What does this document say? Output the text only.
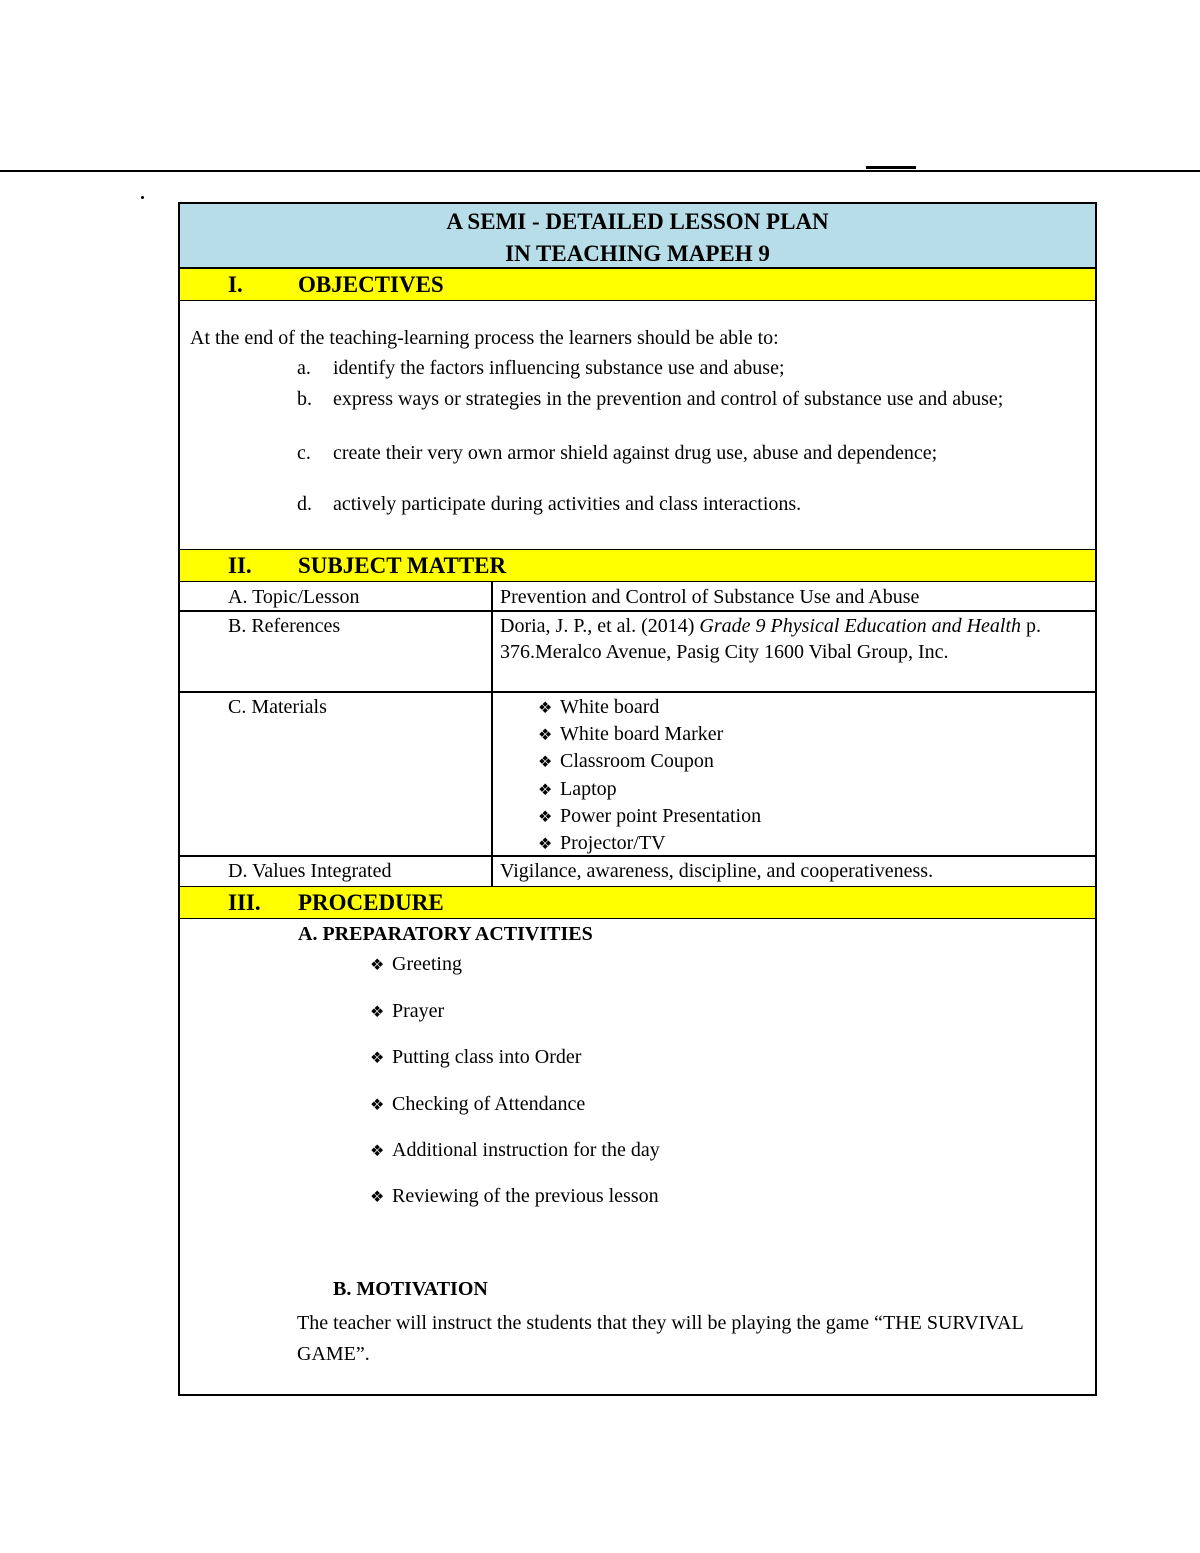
A SEMI - DETAILED LESSON PLAN
IN TEACHING MAPEH 9
I. OBJECTIVES
At the end of the teaching-learning process the learners should be able to:
a. identify the factors influencing substance use and abuse;
b. express ways or strategies in the prevention and control of substance use and abuse;
c. create their very own armor shield against drug use, abuse and dependence;
d. actively participate during activities and class interactions.
II. SUBJECT MATTER
A. Topic/Lesson	Prevention and Control of Substance Use and Abuse
B. References	Doria, J. P., et al. (2014) Grade 9 Physical Education and Health p. 376.Meralco Avenue, Pasig City 1600 Vibal Group, Inc.
C. Materials	❖ White board
❖ White board Marker
❖ Classroom Coupon
❖ Laptop
❖ Power point Presentation
❖ Projector/TV
D. Values Integrated	Vigilance, awareness, discipline, and cooperativeness.
III. PROCEDURE
A. PREPARATORY ACTIVITIES
❖ Greeting
❖ Prayer
❖ Putting class into Order
❖ Checking of Attendance
❖ Additional instruction for the day
❖ Reviewing of the previous lesson
B. MOTIVATION
The teacher will instruct the students that they will be playing the game “THE SURVIVAL GAME”.
